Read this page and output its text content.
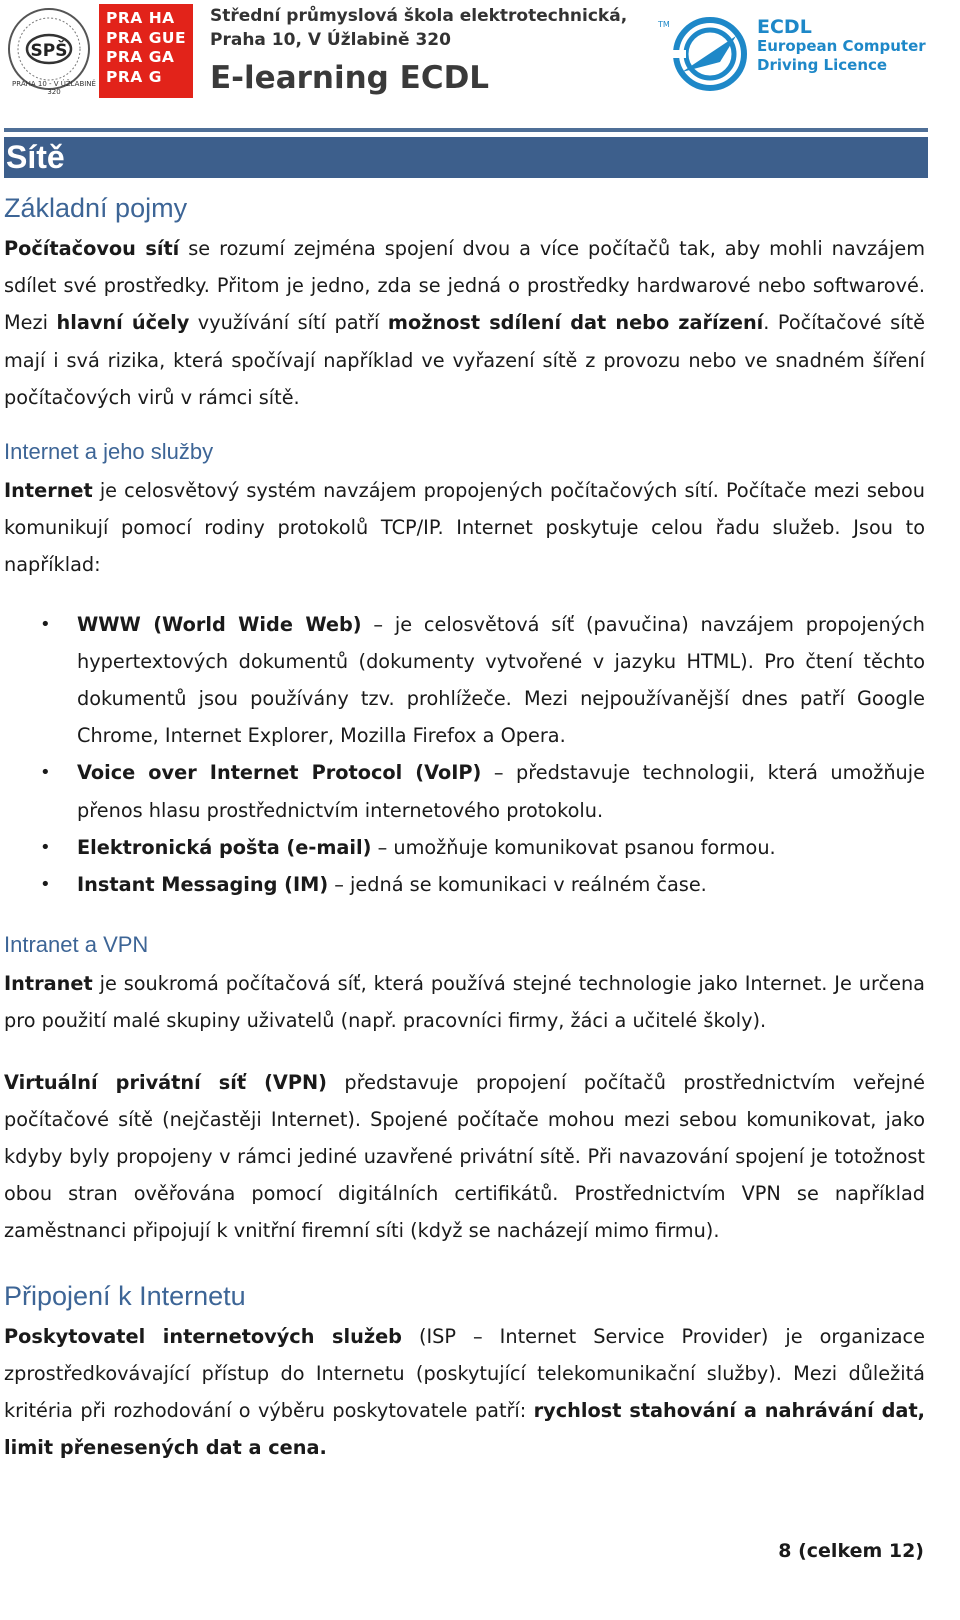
SPŠ
PRAHA 10 - V ÚŽLABINĚ 320
PRA HA
PRA GUE
PRA GA
PRA G
Střední průmyslová škola elektrotechnická,
Praha 10, V Úžlabině 320
E-learning ECDL
TM	ECDL
European Computer
Driving Licence
Sítě
Základní pojmy

Počítačovou sítí se rozumí zejména spojení dvou a více počítačů tak, aby mohli navzájem sdílet své prostředky. Přitom je jedno, zda se jedná o prostředky hardwarové nebo softwarové. Mezi hlavní účely využívání sítí patří možnost sdílení dat nebo zařízení. Počítačové sítě mají i svá rizika, která spočívají například ve vyřazení sítě z provozu nebo ve snadném šíření počítačových virů v rámci sítě.

Internet a jeho služby

Internet je celosvětový systém navzájem propojených počítačových sítí. Počítače mezi sebou komunikují pomocí rodiny protokolů TCP/IP. Internet poskytuje celou řadu služeb. Jsou to například:

• WWW (World Wide Web) – je celosvětová síť (pavučina) navzájem propojených hypertextových dokumentů (dokumenty vytvořené v jazyku HTML). Pro čtení těchto dokumentů jsou používány tzv. prohlížeče. Mezi nejpoužívanější dnes patří Google Chrome, Internet Explorer, Mozilla Firefox a Opera.
• Voice over Internet Protocol (VoIP) – představuje technologii, která umožňuje přenos hlasu prostřednictvím internetového protokolu.
• Elektronická pošta (e-mail) – umožňuje komunikovat psanou formou.
• Instant Messaging (IM) – jedná se komunikaci v reálném čase.
Intranet a VPN

Intranet je soukromá počítačová síť, která používá stejné technologie jako Internet. Je určena pro použití malé skupiny uživatelů (např. pracovníci firmy, žáci a učitelé školy).

Virtuální privátní síť (VPN) představuje propojení počítačů prostřednictvím veřejné počítačové sítě (nejčastěji Internet). Spojené počítače mohou mezi sebou komunikovat, jako kdyby byly propojeny v rámci jediné uzavřené privátní sítě. Při navazování spojení je totožnost obou stran ověřována pomocí digitálních certifikátů. Prostřednictvím VPN se například zaměstnanci připojují k vnitřní firemní síti (když se nacházejí mimo firmu).

Připojení k Internetu

Poskytovatel internetových služeb (ISP – Internet Service Provider) je organizace zprostředkovávající přístup do Internetu (poskytující telekomunikační služby). Mezi důležitá kritéria při rozhodování o výběru poskytovatele patří: rychlost stahování a nahrávání dat, limit přenesených dat a cena.

8 (celkem 12)
